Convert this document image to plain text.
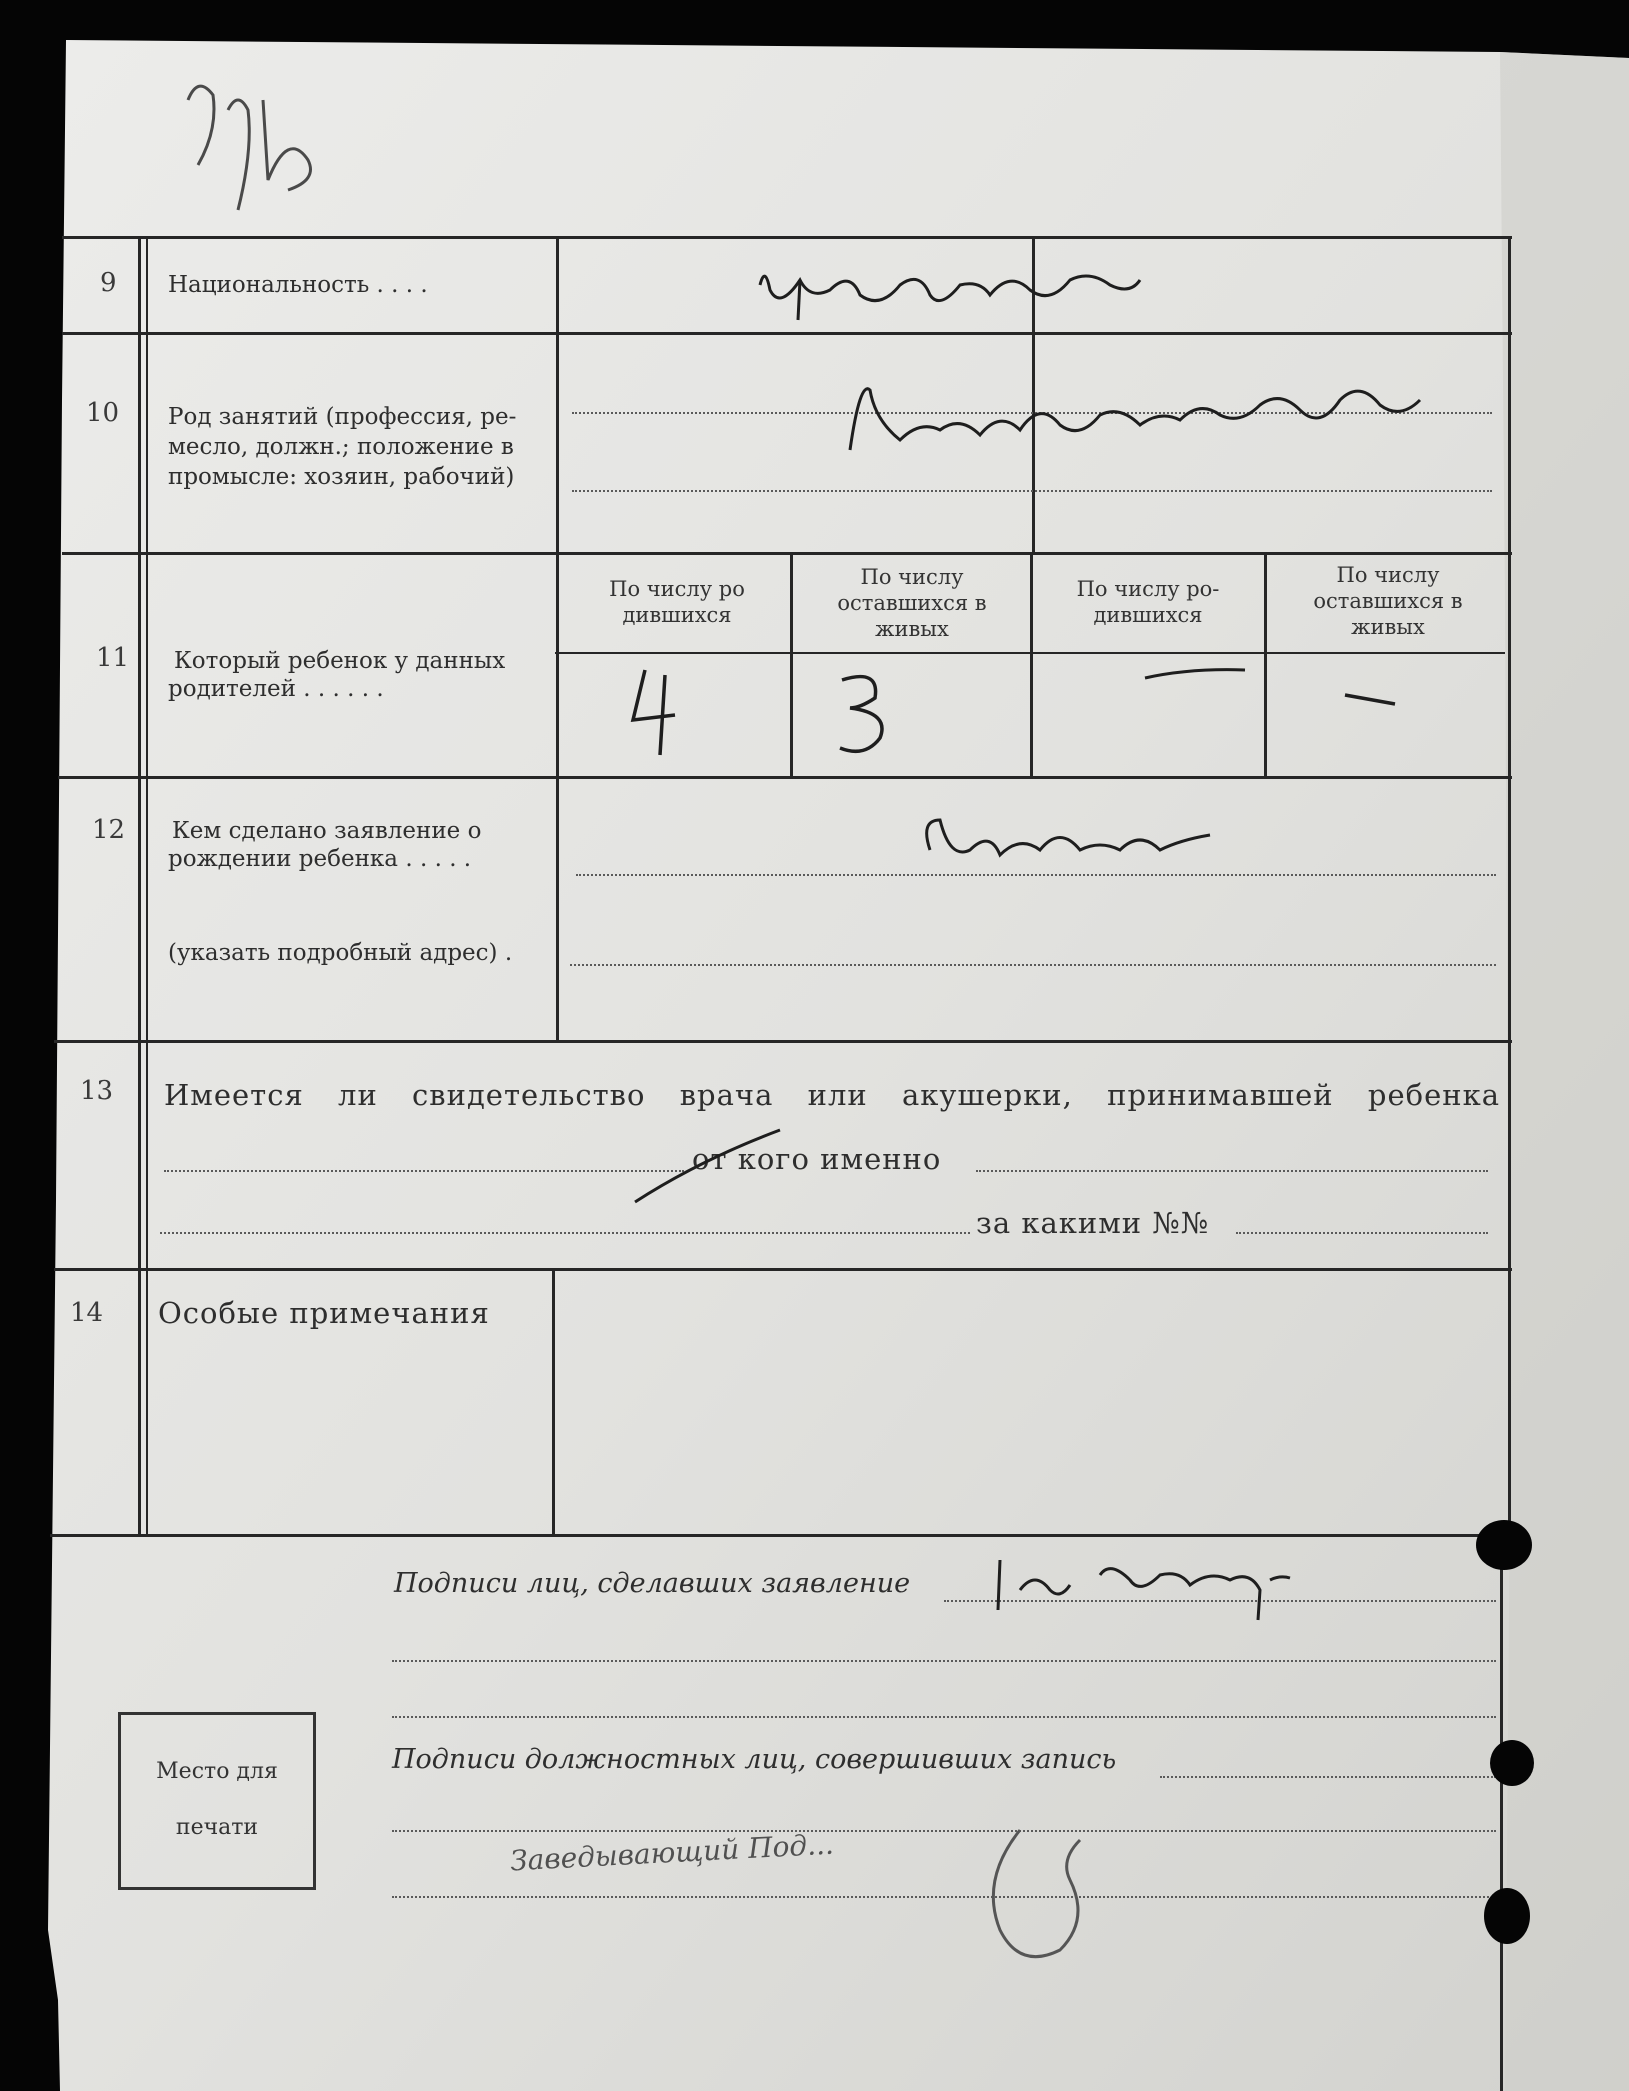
9 Национальность . . . .
10 Род занятий (профессия, ре-
месло, должн.; положение в
промысле: хозяин, рабочий)
11 Который ребенок у данных
родителей . . . . . .
По числу ро
дившихся
По числу
оставшихся в
живых
По числу ро-
дившихся
По числу
оставшихся в
живых
12 Кем сделано заявление о
рождении ребенка . . . . .
(указать подробный адрес) .
13 Имеется ли свидетельство врача или акушерки, принимавшей ребенка
от кого именно
за какими №№
14 Особые примечания
Подписи лиц, сделавших заявление
Подписи должностных лиц, совершивших запись
Заведывающий Под...
Место для
печати
